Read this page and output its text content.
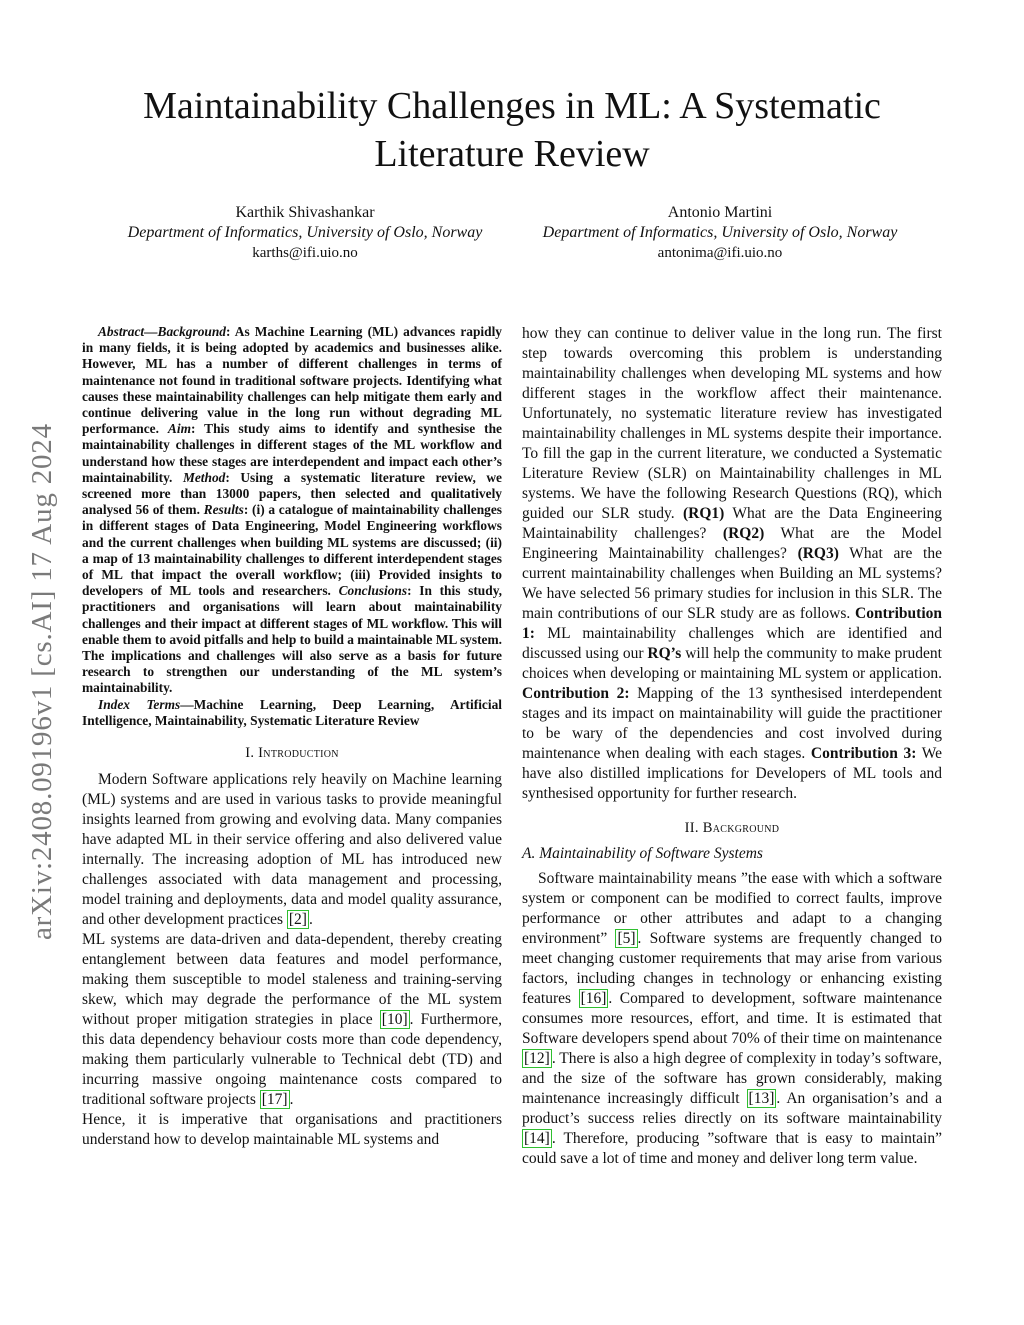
Maintainability Challenges in ML: A Systematic Literature Review
Karthik Shivashankar
Department of Informatics, University of Oslo, Norway
karths@ifi.uio.no
Antonio Martini
Department of Informatics, University of Oslo, Norway
antonima@ifi.uio.no
arXiv:2408.09196v1 [cs.AI] 17 Aug 2024

Abstract—Background: As Machine Learning (ML) advances rapidly in many fields, it is being adopted by academics and businesses alike. However, ML has a number of different challenges in terms of maintenance not found in traditional software projects. Identifying what causes these maintainability challenges can help mitigate them early and continue delivering value in the long run without degrading ML performance. Aim: This study aims to identify and synthesise the maintainability challenges in different stages of the ML workflow and understand how these stages are interdependent and impact each other’s maintainability. Method: Using a systematic literature review, we screened more than 13000 papers, then selected and qualitatively analysed 56 of them. Results: (i) a catalogue of maintainability challenges in different stages of Data Engineering, Model Engineering workflows and the current challenges when building ML systems are discussed; (ii) a map of 13 maintainability challenges to different interdependent stages of ML that impact the overall workflow; (iii) Provided insights to developers of ML tools and researchers. Conclusions: In this study, practitioners and organisations will learn about maintainability challenges and their impact at different stages of ML workflow. This will enable them to avoid pitfalls and help to build a maintainable ML system. The implications and challenges will also serve as a basis for future research to strengthen our understanding of the ML system’s maintainability.

Index Terms—Machine Learning, Deep Learning, Artificial Intelligence, Maintainability, Systematic Literature Review

I. Introduction

Modern Software applications rely heavily on Machine learning (ML) systems and are used in various tasks to provide meaningful insights learned from growing and evolving data. Many companies have adapted ML in their service offering and also delivered value internally. The increasing adoption of ML has introduced new challenges associated with data management and processing, model training and deployments, data and model quality assurance, and other development practices [2] .

ML systems are data-driven and data-dependent, thereby creating entanglement between data features and model performance, making them susceptible to model staleness and training-serving skew, which may degrade the performance of the ML system without proper mitigation strategies in place [10] . Furthermore, this data dependency behaviour costs more than code dependency, making them particularly vulnerable to Technical debt (TD) and incurring massive ongoing maintenance costs compared to traditional software projects [17] .

Hence, it is imperative that organisations and practitioners understand how to develop maintainable ML systems and

how they can continue to deliver value in the long run. The first step towards overcoming this problem is understanding maintainability challenges when developing ML systems and how different stages in the workflow affect their maintenance. Unfortunately, no systematic literature review has investigated maintainability challenges in ML systems despite their importance. To fill the gap in the current literature, we conducted a Systematic Literature Review (SLR) on Maintainability challenges in ML systems. We have the following Research Questions (RQ), which guided our SLR study. (RQ1) What are the Data Engineering Maintainability challenges? (RQ2) What are the Model Engineering Maintainability challenges? (RQ3) What are the current maintainability challenges when Building an ML systems? We have selected 56 primary studies for inclusion in this SLR. The main contributions of our SLR study are as follows. Contribution 1: ML maintainability challenges which are identified and discussed using our RQ’s will help the community to make prudent choices when developing or maintaining ML system or application. Contribution 2: Mapping of the 13 synthesised interdependent stages and its impact on maintainability will guide the practitioner to be wary of the dependencies and cost involved during maintenance when dealing with each stages. Contribution 3: We have also distilled implications for Developers of ML tools and synthesised opportunity for further research.

II. Background
A. Maintainability of Software Systems

Software maintainability means ”the ease with which a software system or component can be modified to correct faults, improve performance or other attributes and adapt to a changing environment” [5] . Software systems are frequently changed to meet changing customer requirements that may arise from various factors, including changes in technology or enhancing existing features [16] . Compared to development, software maintenance consumes more resources, effort, and time. It is estimated that Software developers spend about 70% of their time on maintenance [12] . There is also a high degree of complexity in today’s software, and the size of the software has grown considerably, making maintenance increasingly difficult [13] . An organisation’s and a product’s success relies directly on its software maintainability [14] . Therefore, producing ”software that is easy to maintain” could save a lot of time and money and deliver long term value.
